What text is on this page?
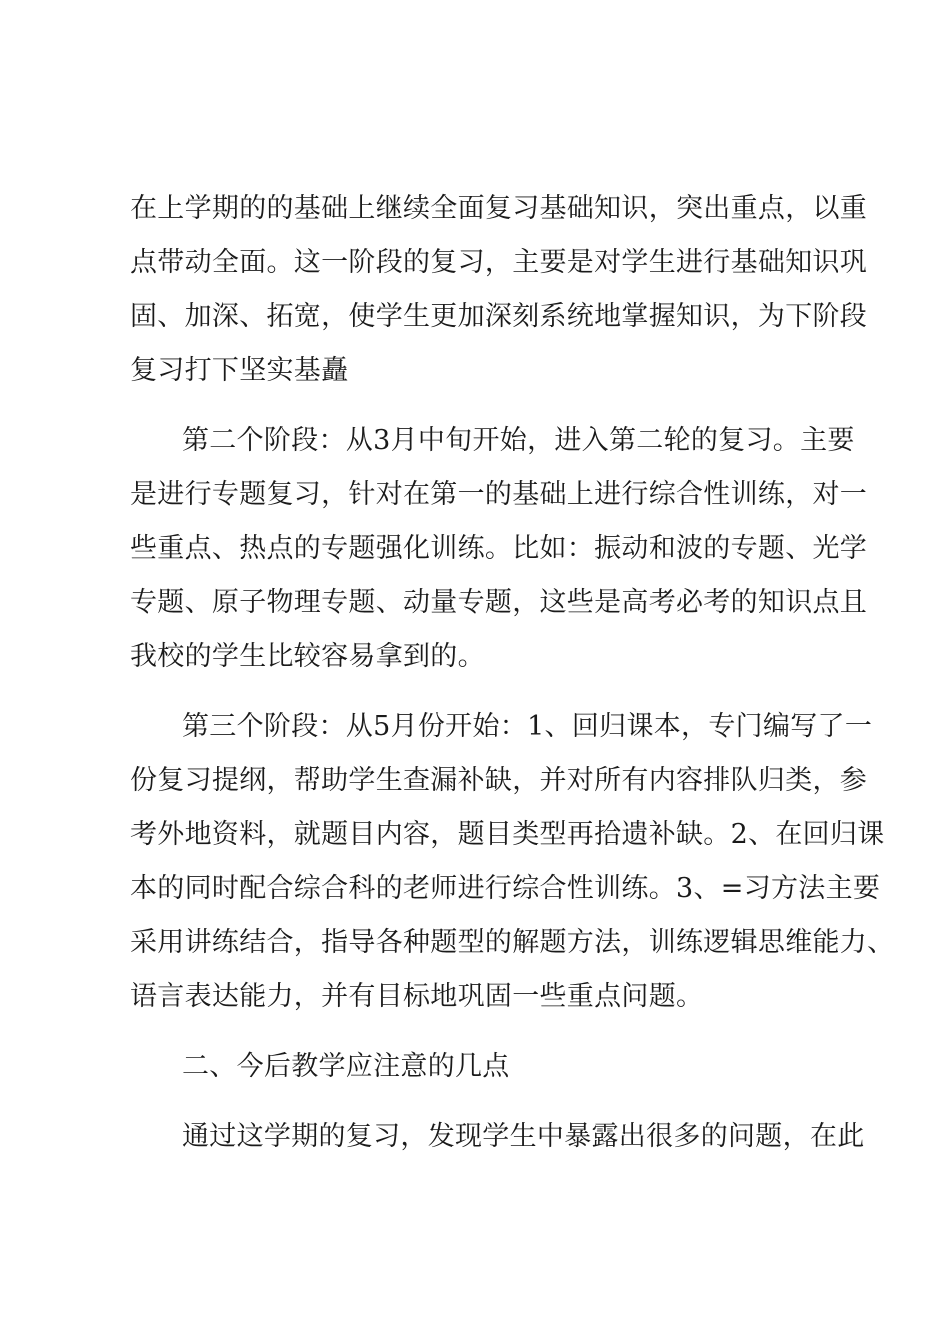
在上学期的的基础上继续全面复习基础知识，突出重点，以重
点带动全面。这一阶段的复习，主要是对学生进行基础知识巩
固、加深、拓宽，使学生更加深刻系统地掌握知识，为下阶段
复习打下坚实基矗
第二个阶段：从3月中旬开始，进入第二轮的复习。主要
是进行专题复习，针对在第一的基础上进行综合性训练，对一
些重点、热点的专题强化训练。比如：振动和波的专题、光学
专题、原子物理专题、动量专题，这些是高考必考的知识点且
我校的学生比较容易拿到的。
第三个阶段：从5月份开始：1、回归课本，专门编写了一
份复习提纲，帮助学生查漏补缺，并对所有内容排队归类，参
考外地资料，就题目内容，题目类型再拾遗补缺。2、在回归课
本的同时配合综合科的老师进行综合性训练。3、=习方法主要
采用讲练结合，指导各种题型的解题方法，训练逻辑思维能力、
语言表达能力，并有目标地巩固一些重点问题。
二、今后教学应注意的几点
通过这学期的复习，发现学生中暴露出很多的问题，在此
